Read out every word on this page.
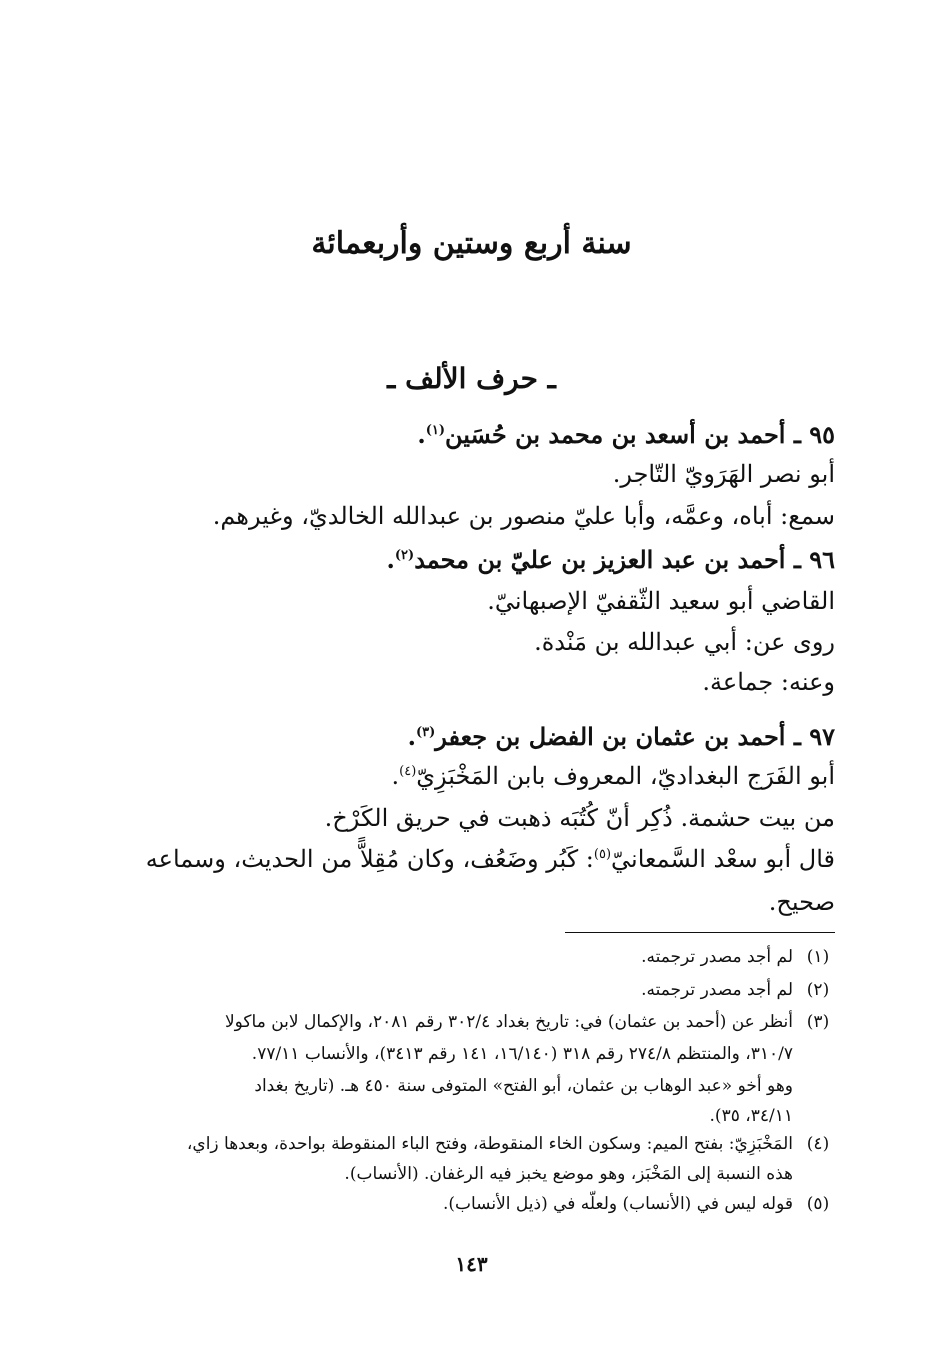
سنة أربع وستين وأربعمائة
ـ حرف الألف ـ
٩٥ ـ أحمد بن أسعد بن محمد بن حُسَين$^{(١)}$.
أبو نصر الهَرَويّ التّاجر.
سمع: أباه، وعمَّه، وأبا عليّ منصور بن عبدالله الخالديّ، وغيرهم.
٩٦ ـ أحمد بن عبد العزيز بن عليّ بن محمد$^{(٢)}$.
القاضي أبو سعيد الثّقفيّ الإصبهانيّ.
روى عن: أبي عبدالله بن مَنْدة.
وعنه: جماعة.
٩٧ ـ أحمد بن عثمان بن الفضل بن جعفر$^{(٣)}$.
أبو الفَرَج البغداديّ، المعروف بابن المَخْبَزِيّ$^{(٤)}$.
من بيت حشمة. ذُكِر أنّ كُتُبَه ذهبت في حريق الكَرْخ.
قال أبو سعْد السَّمعانيّ$^{(٥)}$: كَبُر وضَعُف، وكان مُقِلاًّ من الحديث، وسماعه
صحيح.
(١)لم أجد مصدر ترجمته.
(٢)لم أجد مصدر ترجمته.
(٣)أنظر عن (أحمد بن عثمان) في: تاريخ بغداد ٣٠٢/٤ رقم ٢٠٨١، والإكمال لابن ماكولا
٣١٠/٧، والمنتظم ٢٧٤/٨ رقم ٣١٨ (١٦/١٤٠، ١٤١ رقم ٣٤١٣)، والأنساب ٧٧/١١.
وهو أخو «عبد الوهاب بن عثمان، أبو الفتح» المتوفى سنة ٤٥٠ هـ. (تاريخ بغداد
٣٤/١١، ٣٥).
(٤)المَخْبَزِيّ: بفتح الميم: وسكون الخاء المنقوطة، وفتح الباء المنقوطة بواحدة، وبعدها زاي،
هذه النسبة إلى المَخْبَز، وهو موضع يخبز فيه الرغفان. (الأنساب).
(٥)قوله ليس في (الأنساب) ولعلّه في (ذيل الأنساب).
١٤٣
